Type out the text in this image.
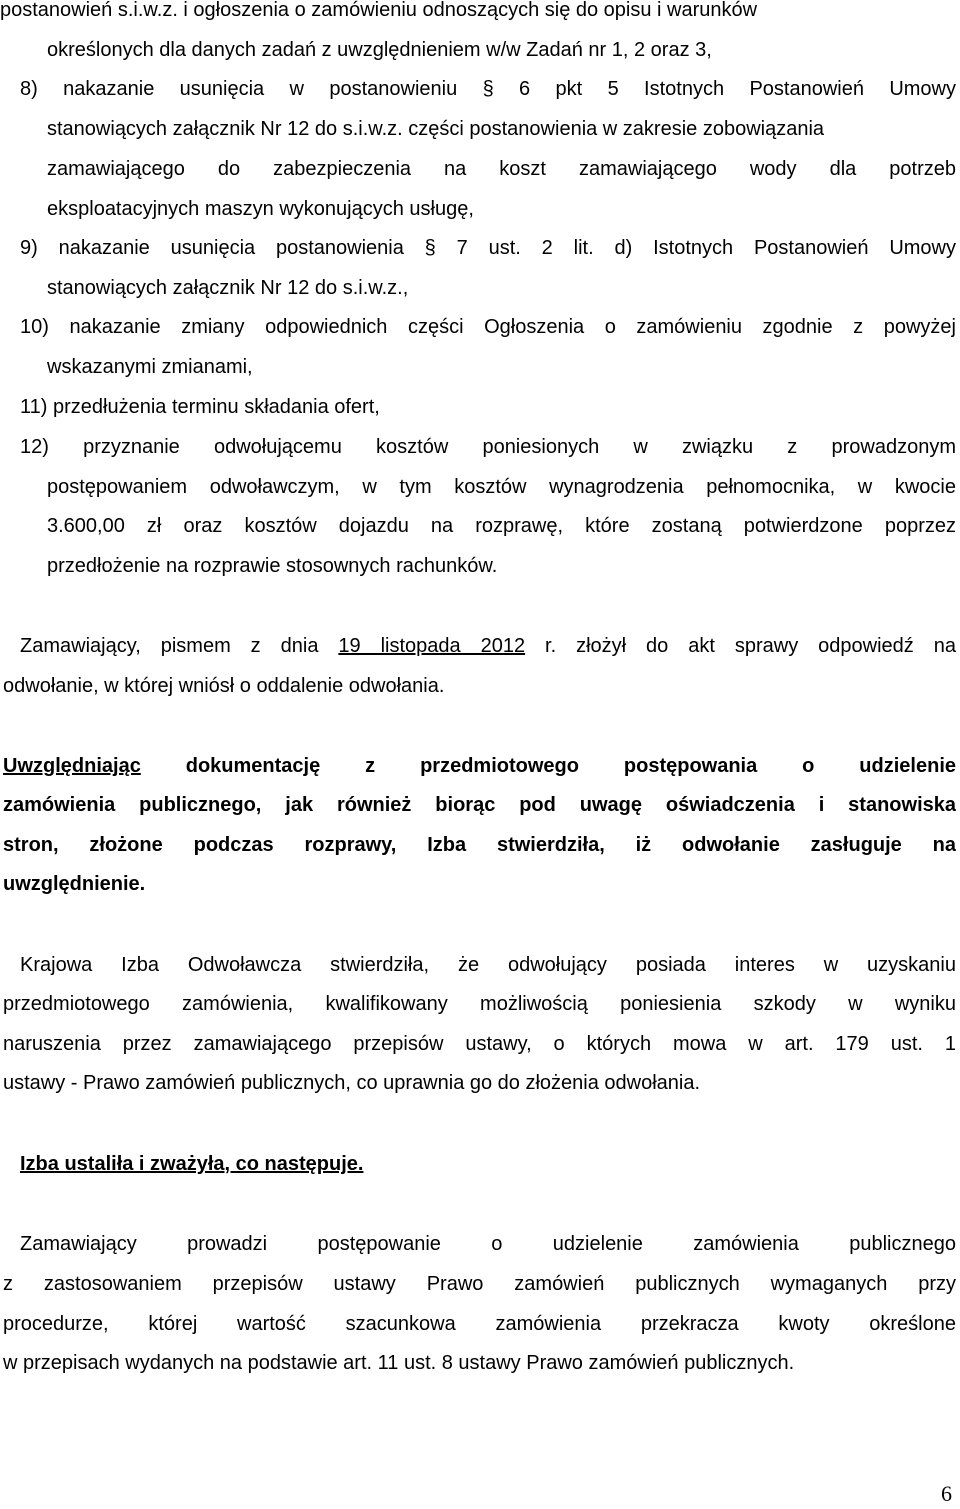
postanowień s.i.w.z. i ogłoszenia o zamówieniu odnoszących się do opisu i warunków
określonych dla danych zadań z uwzględnieniem w/w Zadań nr 1, 2 oraz 3,
8) nakazanie usunięcia w postanowieniu § 6 pkt 5 Istotnych Postanowień Umowy
stanowiących załącznik Nr 12 do s.i.w.z. części postanowienia w zakresie zobowiązania
zamawiającego do zabezpieczenia na koszt zamawiającego wody dla potrzeb
eksploatacyjnych maszyn wykonujących usługę,
9) nakazanie usunięcia postanowienia § 7 ust. 2 lit. d) Istotnych Postanowień Umowy
stanowiących załącznik Nr 12 do s.i.w.z.,
10) nakazanie zmiany odpowiednich części Ogłoszenia o zamówieniu zgodnie z powyżej
wskazanymi zmianami,
11) przedłużenia terminu składania ofert,
12) przyznanie odwołującemu kosztów poniesionych w związku z prowadzonym
postępowaniem odwoławczym, w tym kosztów wynagrodzenia pełnomocnika, w kwocie
3.600,00 zł oraz kosztów dojazdu na rozprawę, które zostaną potwierdzone poprzez
przedłożenie na rozprawie stosownych rachunków.
Zamawiający, pismem z dnia 19 listopada 2012 r. złożył do akt sprawy odpowiedź na
odwołanie, w której wniósł o oddalenie odwołania.
Uwzględniając dokumentację z przedmiotowego postępowania o udzielenie
zamówienia publicznego, jak również biorąc pod uwagę oświadczenia i stanowiska
stron, złożone podczas rozprawy, Izba stwierdziła, iż odwołanie zasługuje na
uwzględnienie.
Krajowa Izba Odwoławcza stwierdziła, że odwołujący posiada interes w uzyskaniu
przedmiotowego zamówienia, kwalifikowany możliwością poniesienia szkody w wyniku
naruszenia przez zamawiającego przepisów ustawy, o których mowa w art. 179 ust. 1
ustawy - Prawo zamówień publicznych, co uprawnia go do złożenia odwołania.
Izba ustaliła i zważyła, co następuje.
Zamawiający prowadzi postępowanie o udzielenie zamówienia publicznego
z zastosowaniem przepisów ustawy Prawo zamówień publicznych wymaganych przy
procedurze, której wartość szacunkowa zamówienia przekracza kwoty określone
w przepisach wydanych na podstawie art. 11 ust. 8 ustawy Prawo zamówień publicznych.
6
